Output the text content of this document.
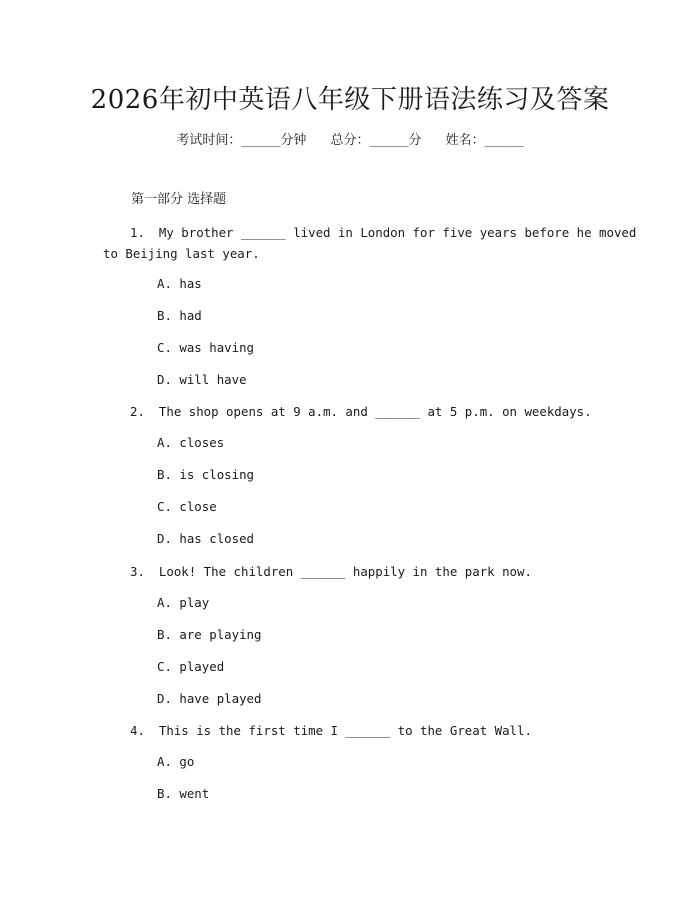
2026年初中英语八年级下册语法练习及答案
考试时间：______分钟 总分：______分 姓名：______
第一部分 选择题
1. My brother ______ lived in London for five years before he moved
to Beijing last year.
A. has
B. had
C. was having
D. will have
2. The shop opens at 9 a.m. and ______ at 5 p.m. on weekdays.
A. closes
B. is closing
C. close
D. has closed
3. Look! The children ______ happily in the park now.
A. play
B. are playing
C. played
D. have played
4. This is the first time I ______ to the Great Wall.
A. go
B. went
